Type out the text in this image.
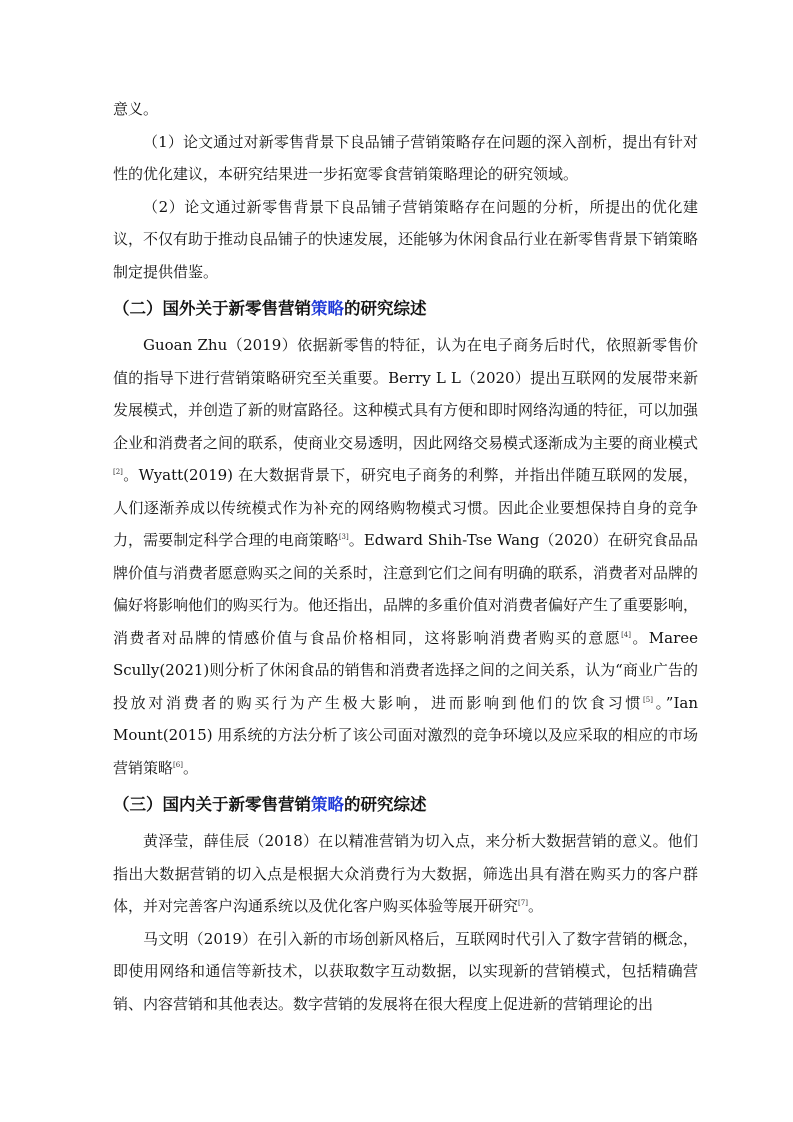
意义。

（1）论文通过对新零售背景下良品铺子营销策略存在问题的深入剖析，提出有针对性的优化建议，本研究结果进一步拓宽零食营销策略理论的研究领域。

（2）论文通过新零售背景下良品铺子营销策略存在问题的分析，所提出的优化建议，不仅有助于推动良品铺子的快速发展，还能够为休闲食品行业在新零售背景下销策略制定提供借鉴。

（二）国外关于新零售营销策略的研究综述

Guoan Zhu（2019）依据新零售的特征，认为在电子商务后时代，依照新零售价值的指导下进行营销策略研究至关重要。Berry L L（2020）提出互联网的发展带来新发展模式，并创造了新的财富路径。这种模式具有方便和即时网络沟通的特征，可以加强企业和消费者之间的联系，使商业交易透明，因此网络交易模式逐渐成为主要的商业模式[2]。Wyatt(2019) 在大数据背景下，研究电子商务的利弊，并指出伴随互联网的发展，人们逐渐养成以传统模式作为补充的网络购物模式习惯。因此企业要想保持自身的竞争力，需要制定科学合理的电商策略[3]。Edward Shih-Tse Wang（2020）在研究食品品牌价值与消费者愿意购买之间的关系时，注意到它们之间有明确的联系，消费者对品牌的偏好将影响他们的购买行为。他还指出，品牌的多重价值对消费者偏好产生了重要影响，消费者对品牌的情感价值与食品价格相同，这将影响消费者购买的意愿[4]。Maree Scully(2021)则分析了休闲食品的销售和消费者选择之间的之间关系，认为“商业广告的投放对消费者的购买行为产生极大影响，进而影响到他们的饮食习惯[5]。”Ian Mount(2015) 用系统的方法分析了该公司面对激烈的竞争环境以及应采取的相应的市场营销策略[6]。

（三）国内关于新零售营销策略的研究综述

黄泽莹，薛佳辰（2018）在以精准营销为切入点，来分析大数据营销的意义。他们指出大数据营销的切入点是根据大众消费行为大数据，筛选出具有潜在购买力的客户群体，并对完善客户沟通系统以及优化客户购买体验等展开研究[7]。

马文明（2019）在引入新的市场创新风格后，互联网时代引入了数字营销的概念，即使用网络和通信等新技术，以获取数字互动数据，以实现新的营销模式，包括精确营销、内容营销和其他表达。数字营销的发展将在很大程度上促进新的营销理论的出
